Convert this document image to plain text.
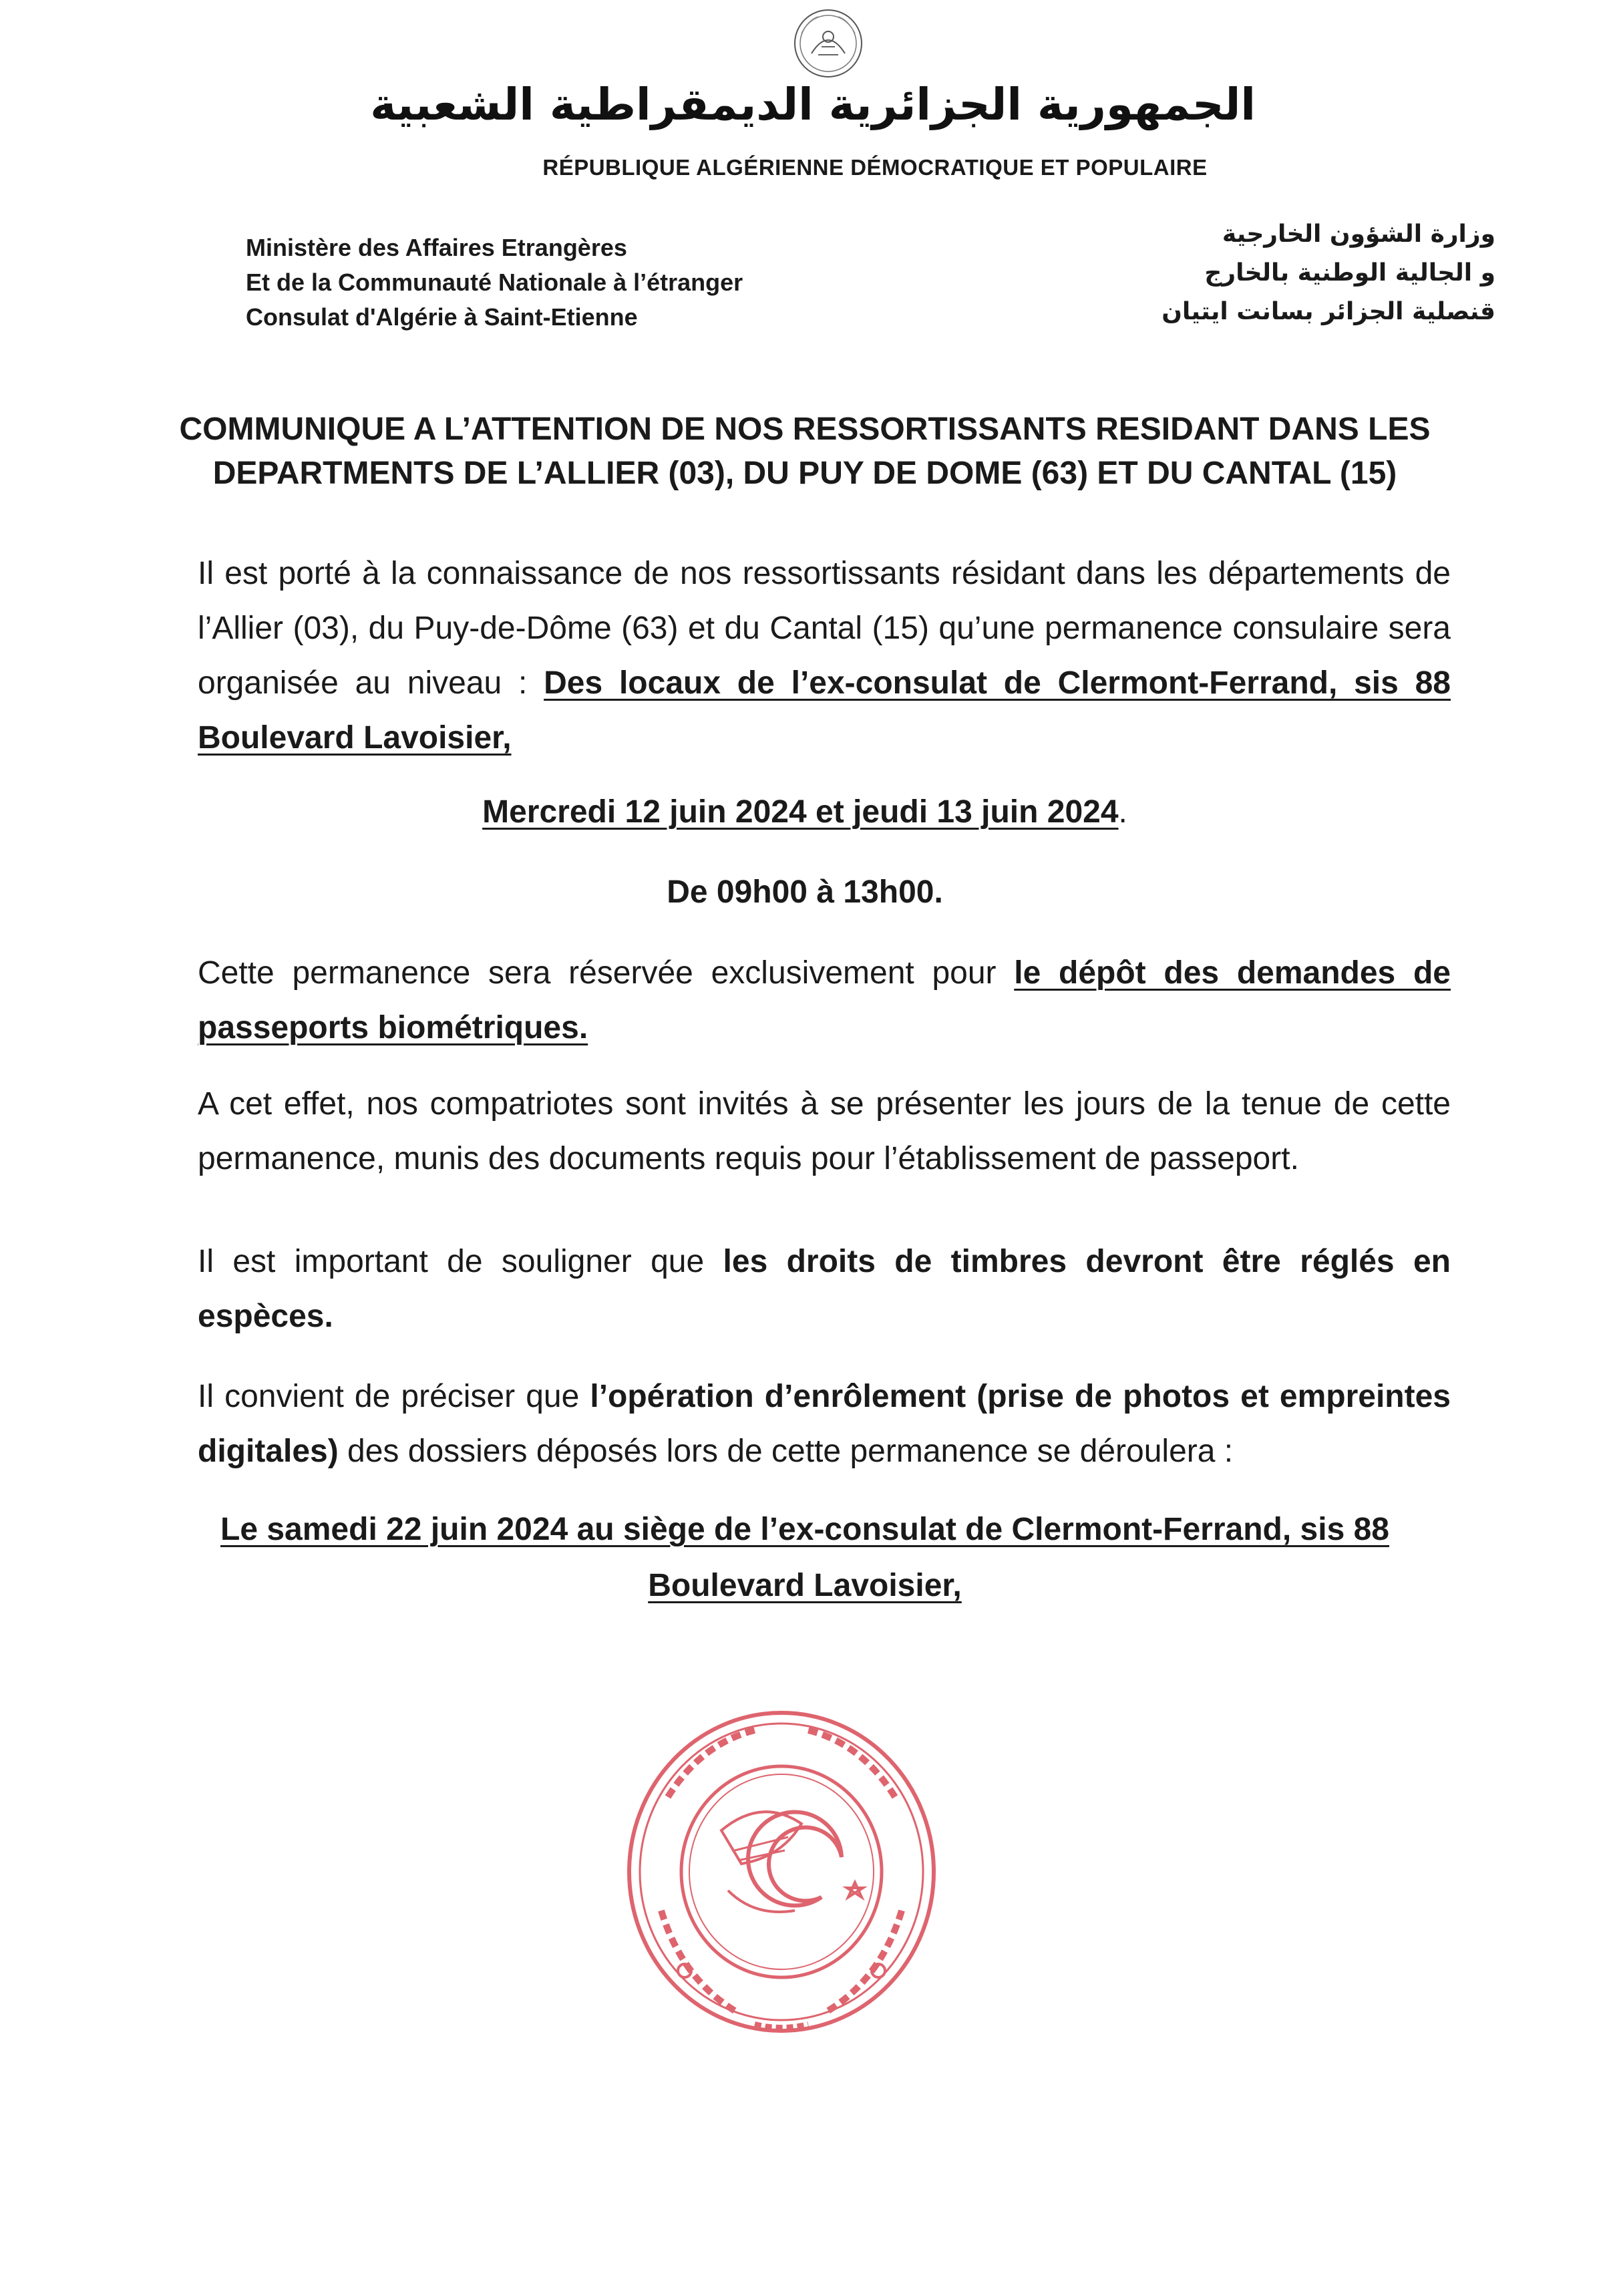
الجمهورية الجزائرية الديمقراطية الشعبية
RÉPUBLIQUE ALGÉRIENNE DÉMOCRATIQUE ET POPULAIRE
Ministère des Affaires Etrangères
Et de la Communauté Nationale à l’étranger
Consulat d'Algérie à Saint-Etienne
وزارة الشؤون الخارجية
و الجالية الوطنية بالخارج
قنصلية الجزائر بسانت ايتيان
COMMUNIQUE A L’ATTENTION DE NOS RESSORTISSANTS RESIDANT DANS LES
DEPARTMENTS DE L’ALLIER (03), DU PUY DE DOME (63) ET DU CANTAL (15)
Il est porté à la connaissance de nos ressortissants résidant dans les départements de l’Allier (03), du Puy-de-Dôme (63) et du Cantal (15) qu’une permanence consulaire sera organisée au niveau : Des locaux de l’ex-consulat de Clermont-Ferrand, sis 88 Boulevard Lavoisier,
Mercredi 12 juin 2024 et jeudi 13 juin 2024.
De 09h00 à 13h00.
Cette permanence sera réservée exclusivement pour le dépôt des demandes de passeports biométriques.
A cet effet, nos compatriotes sont invités à se présenter les jours de la tenue de cette permanence, munis des documents requis pour l’établissement de passeport.
Il est important de souligner que les droits de timbres devront être réglés en espèces.
Il convient de préciser que l’opération d’enrôlement (prise de photos et empreintes digitales) des dossiers déposés lors de cette permanence se déroulera :
Le samedi 22 juin 2024 au siège de l’ex-consulat de Clermont-Ferrand, sis 88
Boulevard Lavoisier,
